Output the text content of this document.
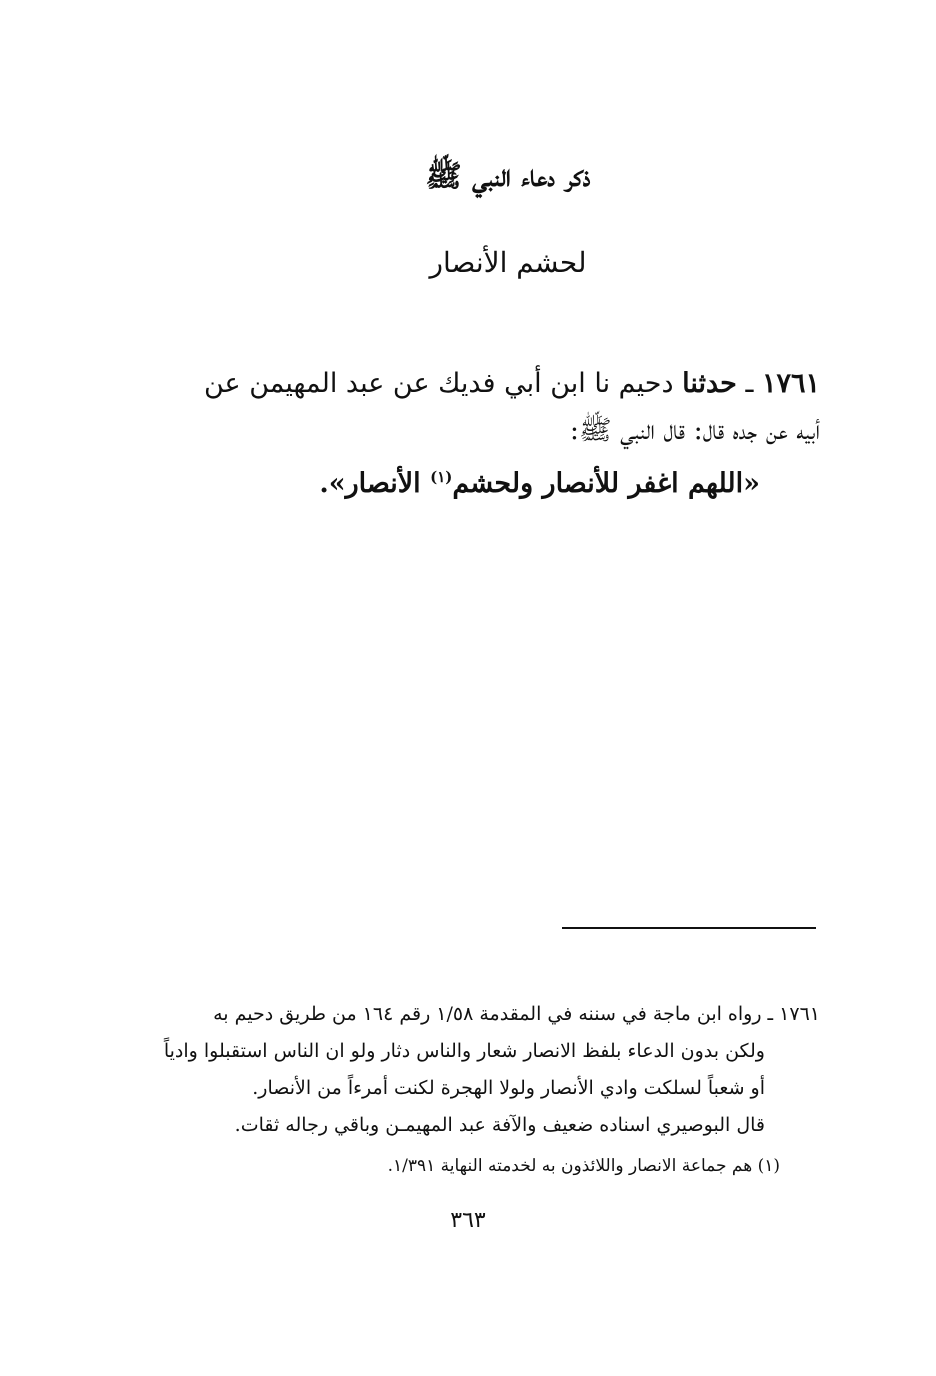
ذكر دعاء النبي ﷺ
لحشم الأنصار
١٧٦١ ـ حدثنا دحيم نا ابن أبي فديك عن عبد المهيمن عن
أبيه عن جده قال: قال النبي ﷺ:
«اللهم اغفر للأنصار ولحشم$^{(١)}$ الأنصار».
١٧٦١ ـ رواه ابن ماجة في سننه في المقدمة ١/٥٨ رقم ١٦٤ من طريق دحيم به
ولكن بدون الدعاء بلفظ الانصار شعار والناس دثار ولو ان الناس استقبلوا وادياً
أو شعباً لسلكت وادي الأنصار ولولا الهجرة لكنت أمرءاً من الأنصار.
قال البوصيري اسناده ضعيف والآفة عبد المهيمـن وباقي رجاله ثقات.
(١) هم جماعة الانصار واللائذون به لخدمته النهاية ١/٣٩١.
٣٦٣
